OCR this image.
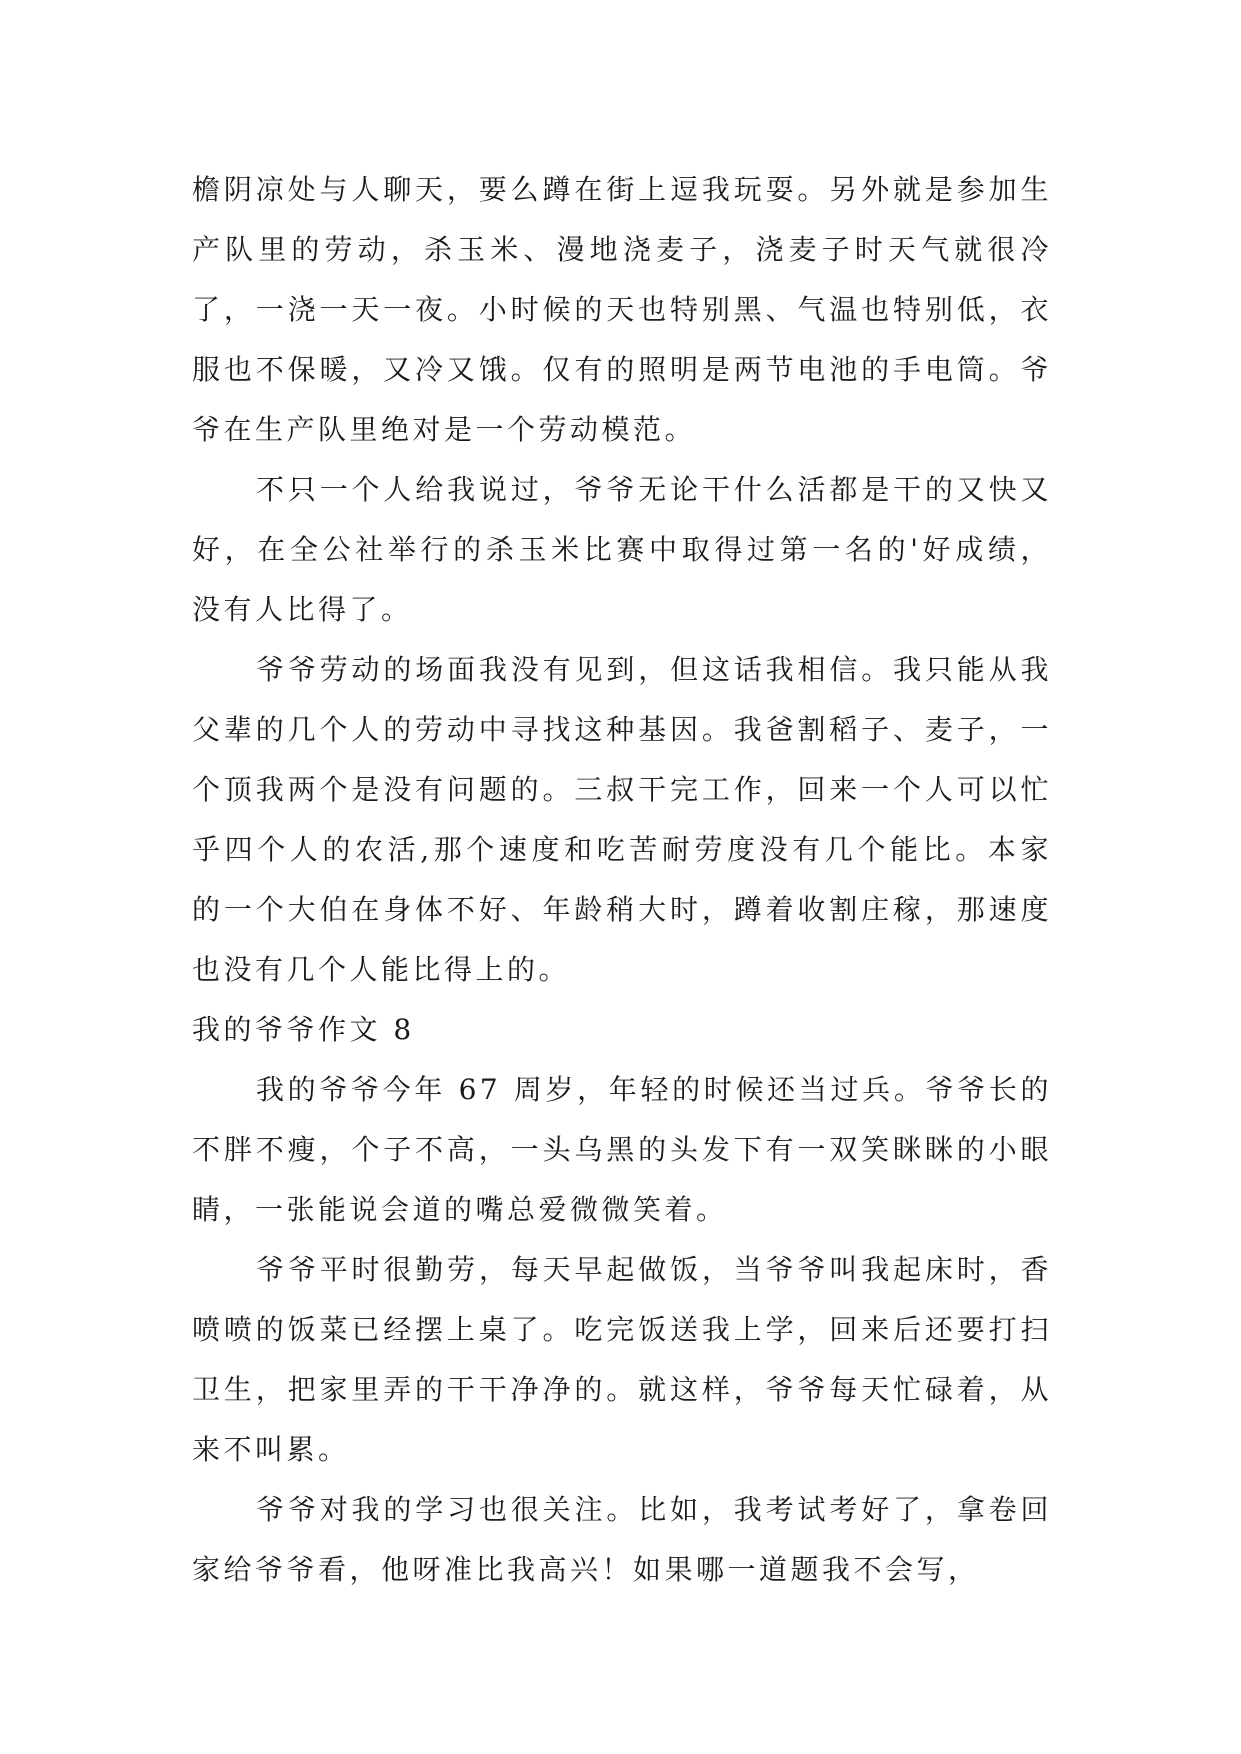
檐阴凉处与人聊天，要么蹲在街上逗我玩耍。另外就是参加生产队里的劳动，杀玉米、漫地浇麦子，浇麦子时天气就很冷了，一浇一天一夜。小时候的天也特别黑、气温也特别低，衣服也不保暖，又冷又饿。仅有的照明是两节电池的手电筒。爷爷在生产队里绝对是一个劳动模范。

不只一个人给我说过，爷爷无论干什么活都是干的又快又好，在全公社举行的杀玉米比赛中取得过第一名的'好成绩，没有人比得了。

爷爷劳动的场面我没有见到，但这话我相信。我只能从我父辈的几个人的劳动中寻找这种基因。我爸割稻子、麦子，一个顶我两个是没有问题的。三叔干完工作，回来一个人可以忙乎四个人的农活,那个速度和吃苦耐劳度没有几个能比。本家的一个大伯在身体不好、年龄稍大时，蹲着收割庄稼，那速度也没有几个人能比得上的。

我的爷爷作文 8

我的爷爷今年 67 周岁，年轻的时候还当过兵。爷爷长的不胖不瘦，个子不高，一头乌黑的头发下有一双笑眯眯的小眼睛，一张能说会道的嘴总爱微微笑着。

爷爷平时很勤劳，每天早起做饭，当爷爷叫我起床时，香喷喷的饭菜已经摆上桌了。吃完饭送我上学，回来后还要打扫卫生，把家里弄的干干净净的。就这样，爷爷每天忙碌着，从来不叫累。

爷爷对我的学习也很关注。比如，我考试考好了，拿卷回家给爷爷看，他呀准比我高兴！如果哪一道题我不会写，
